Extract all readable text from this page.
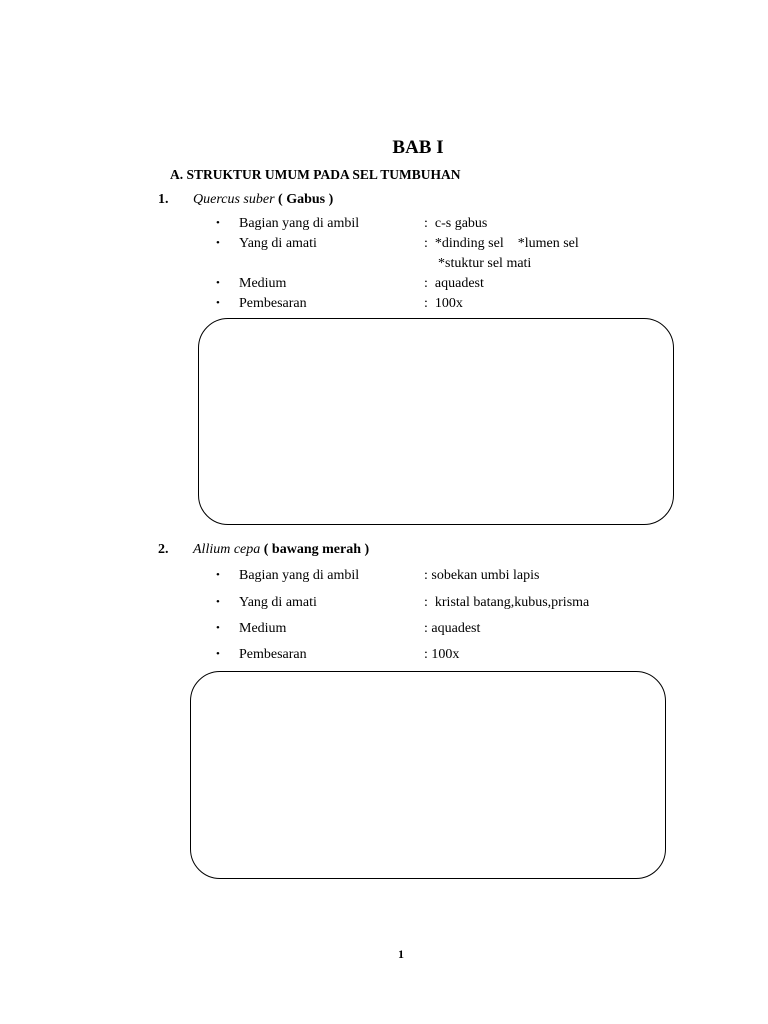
BAB I
A. STRUKTUR UMUM PADA SEL TUMBUHAN
1. Quercus suber ( Gabus )
• Bagian yang di ambil	:  c-s gabus
• Yang di amati	:  *dinding sel    *lumen sel
*stuktur sel mati
• Medium	:  aquadest
• Pembesaran	:  100x
2. Allium cepa ( bawang merah )
• Bagian yang di ambil	: sobekan umbi lapis
• Yang di amati	:  kristal batang,kubus,prisma
• Medium	: aquadest
• Pembesaran	: 100x
1
